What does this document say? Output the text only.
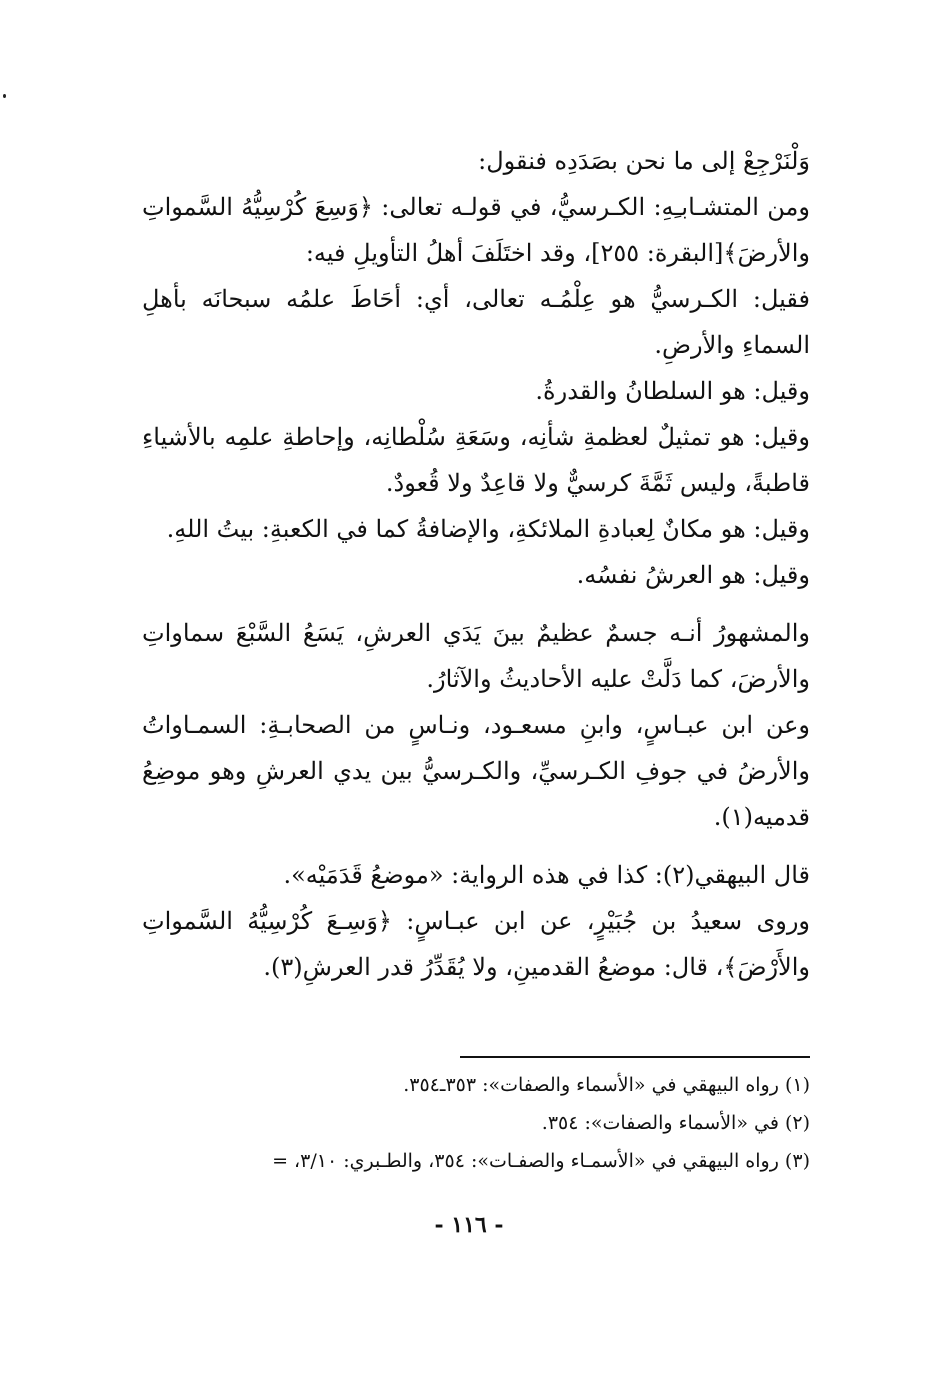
وَلْنَرْجِعْ إلى ما نحن بصَدَدِه فنقول:

ومن المتشـابـِهِ: الكـرسيُّ، في قولـه تعالى: ﴿وَسِعَ كُرْسِيُّهُ السَّمواتِ والأرضَ﴾[البقرة: ٢٥٥]، وقد اختَلَفَ أهلُ التأويلِ فيه:

فقيل: الكـرسيُّ هو عِلْمُـه تعالى، أي: أحَاطَ علمُه سبحانَه بأهلِ السماءِ والأرضِ.

وقيل: هو السلطانُ والقدرةُ.

وقيل: هو تمثيلٌ لعظمةِ شأنِه، وسَعَةِ سُلْطانِه، وإحاطةِ علمِه بالأشياءِ قاطبةً، وليس ثَمَّةَ كرسيٌّ ولا قاعِدٌ ولا قُعودٌ.

وقيل: هو مكانٌ لِعبادةِ الملائكةِ، والإضافةُ كما في الكعبةِ: بيتُ اللهِ.

وقيل: هو العرشُ نفسُه.

والمشهورُ أنـه جسمٌ عظيمٌ بينَ يَدَي العرشِ، يَسَعُ السَّبْعَ سماواتِ والأرضَ، كما دَلَّتْ عليه الأحاديثُ والآثارُ.

وعن ابن عبـاسٍ، وابنِ مسعـود، ونـاسٍ من الصحابـةِ: السمـاواتُ والأرضُ في جوفِ الكـرسيِّ، والكـرسيُّ بين يدي العرشِ وهو موضِعُ قدميه(١).

قال البيهقي(٢): كذا في هذه الرواية: «موضعُ قَدَمَيْه».

وروى سعيدُ بن جُبَيْرٍ، عن ابن عبـاسٍ: ﴿وَسِـعَ كُرْسِيُّهُ السَّمواتِ والأَرْضَ﴾، قال: موضعُ القدمينِ، ولا يُقَدِّرُ قدر العرشِ(٣).

(١) رواه البيهقي في «الأسماء والصفات»: ٣٥٣ـ٣٥٤.

(٢) في «الأسماء والصفات»: ٣٥٤.

(٣) رواه البيهقي في «الأسمـاء والصفـات»: ٣٥٤، والطـبري: ٣/١٠، =

- ١١٦ -
